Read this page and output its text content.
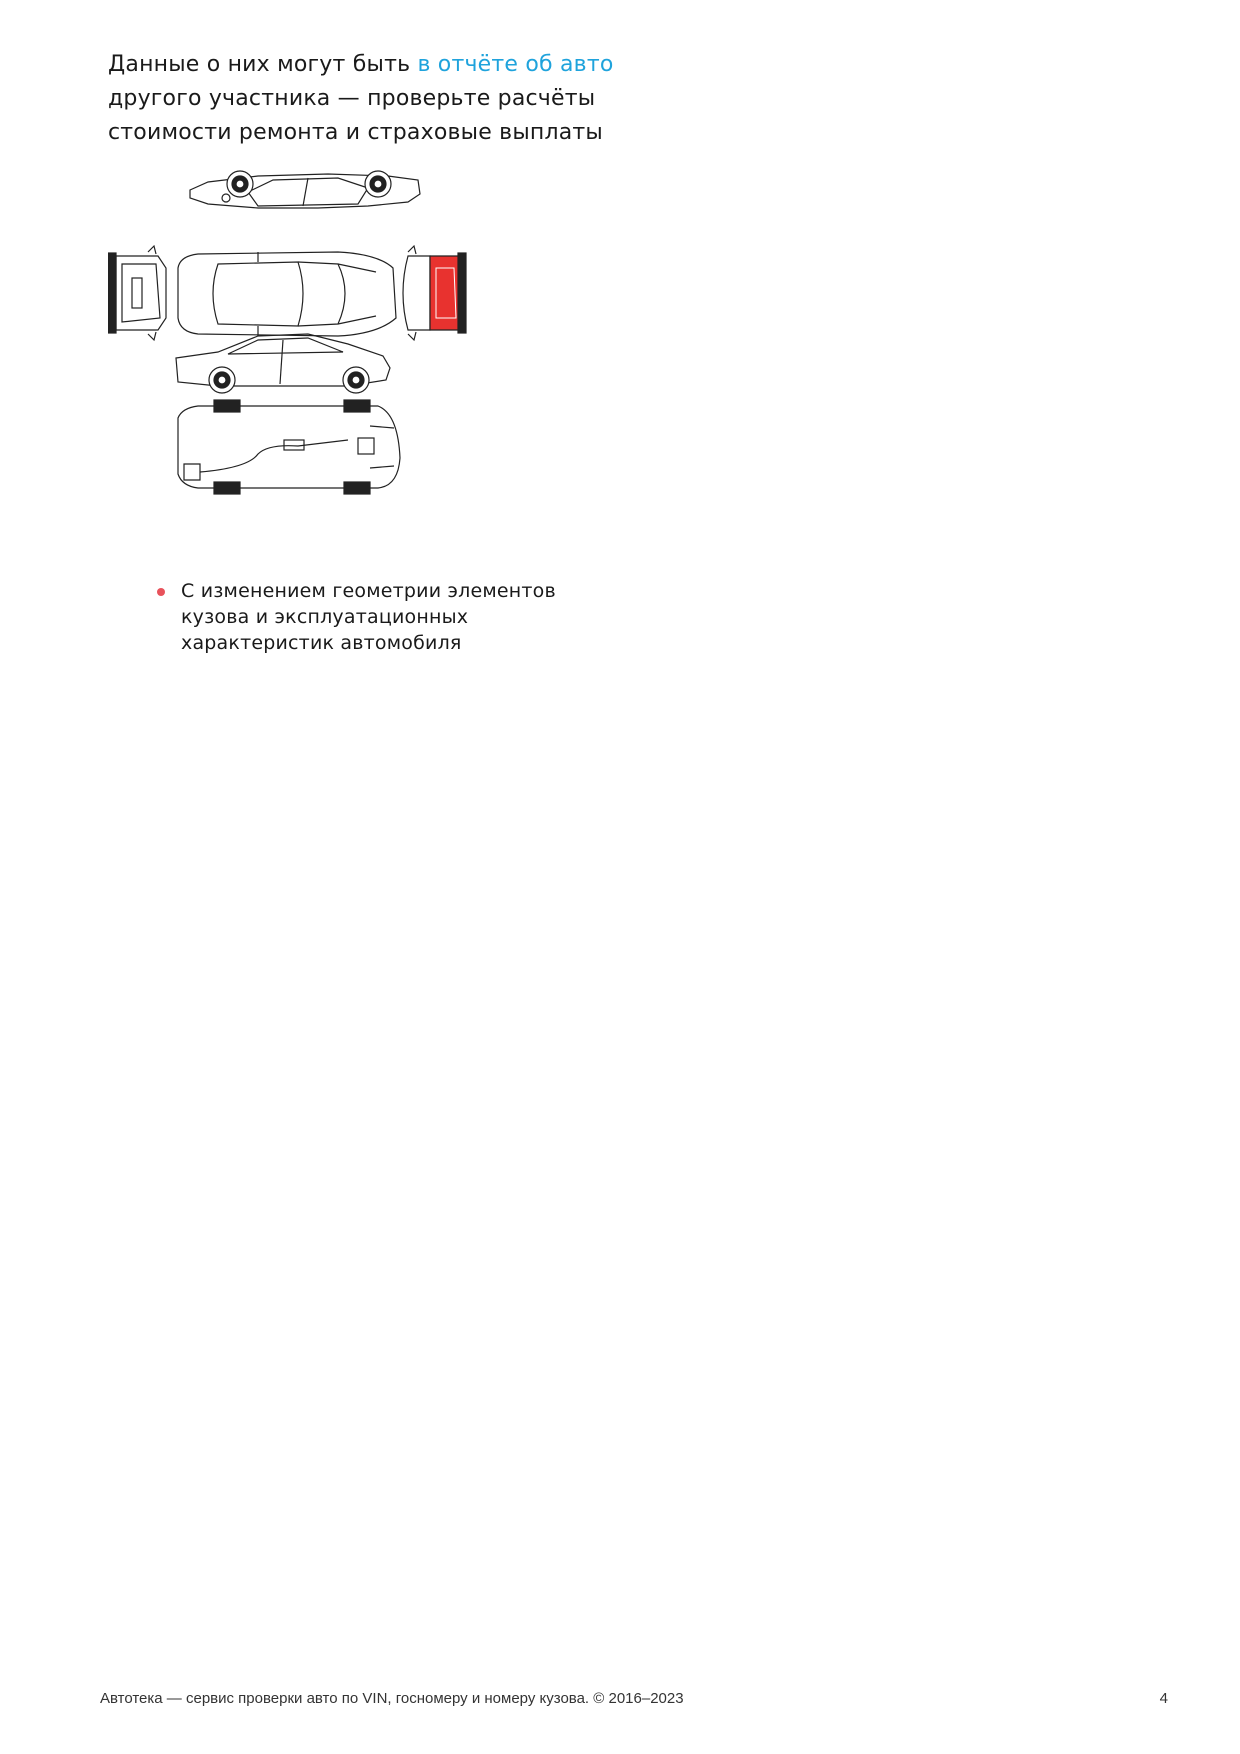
Данные о них могут быть в отчёте об авто другого участника — проверьте расчёты стоимости ремонта и страховые выплаты

С изменением геометрии элементов кузова и эксплуатационных характеристик автомобиля
Автотека — сервис проверки авто по VIN, госномеру и номеру кузова. © 2016–2023	4
